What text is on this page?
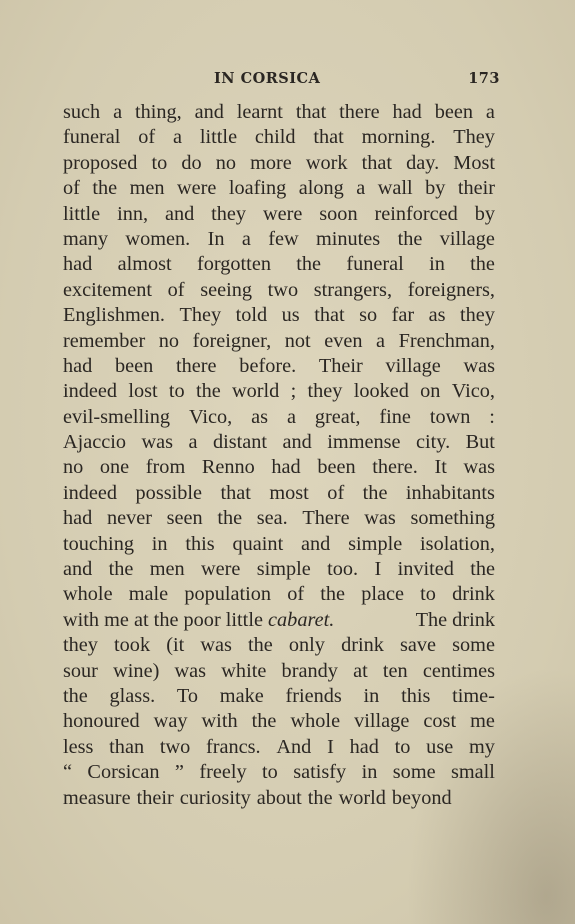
IN CORSICA	173
such a thing, and learnt that there had been a
funeral of a little child that morning. They
proposed to do no more work that day. Most
of the men were loafing along a wall by their
little inn, and they were soon reinforced by
many women. In a few minutes the village
had almost forgotten the funeral in the
excitement of seeing two strangers, foreigners,
Englishmen. They told us that so far as they
remember no foreigner, not even a Frenchman,
had been there before. Their village was
indeed lost to the world ; they looked on Vico,
evil-smelling Vico, as a great, fine town :
Ajaccio was a distant and immense city. But
no one from Renno had been there. It was
indeed possible that most of the inhabitants
had never seen the sea. There was something
touching in this quaint and simple isolation,
and the men were simple too. I invited the
whole male population of the place to drink
with me at the poor little cabaret.	The drink
they took (it was the only drink save some
sour wine) was white brandy at ten centimes
the glass. To make friends in this time-
honoured way with the whole village cost me
less than two francs. And I had to use my
“ Corsican ” freely to satisfy in some small
measure their curiosity about the world beyond
